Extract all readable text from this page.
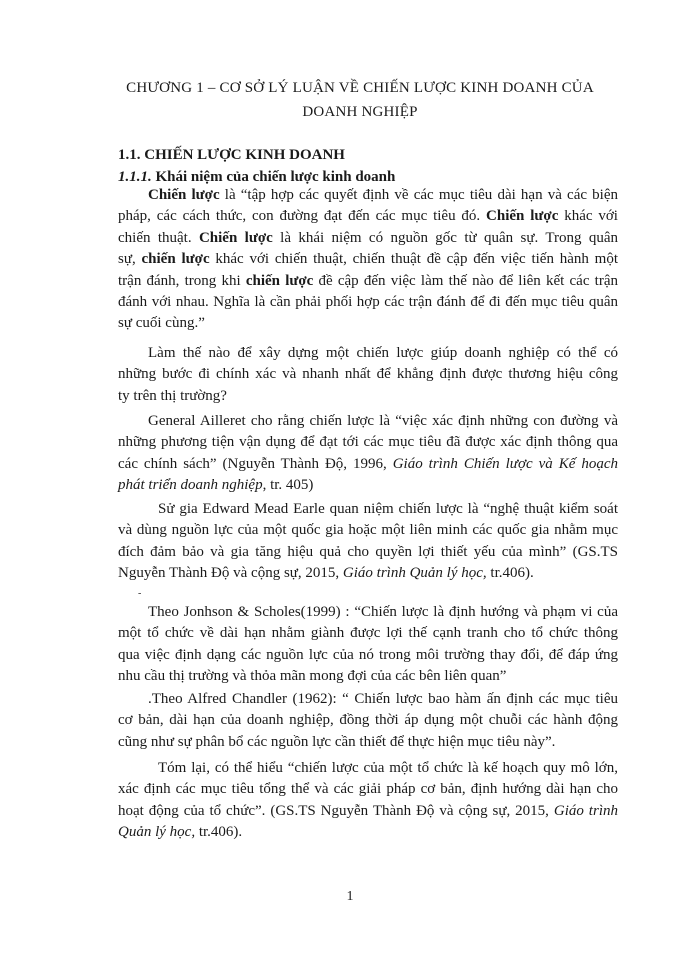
CHƯƠNG 1 – CƠ SỞ LÝ LUẬN VỀ CHIẾN LƯỢC KINH DOANH CỦA
DOANH NGHIỆP
1.1. CHIẾN LƯỢC KINH DOANH
1.1.1. Khái niệm của chiến lược kinh doanh
Chiến lược là “tập hợp các quyết định về các mục tiêu dài hạn và các biện
pháp, các cách thức, con đường đạt đến các mục tiêu đó. Chiến lược khác với
chiến thuật. Chiến lược là khái niệm có nguồn gốc từ quân sự. Trong quân
sự, chiến lược khác với chiến thuật, chiến thuật đề cập đến việc tiến hành một
trận đánh, trong khi chiến lược đề cập đến việc làm thế nào để liên kết các trận
đánh với nhau. Nghĩa là cần phải phối hợp các trận đánh để đi đến mục tiêu quân
sự cuối cùng.”
Làm thế nào để xây dựng một chiến lược giúp doanh nghiệp có thể có
những bước đi chính xác và nhanh nhất để khẳng định được thương hiệu công
ty trên thị trường?
General Ailleret cho rằng chiến lược là “việc xác định những con đường và
những phương tiện vận dụng để đạt tới các mục tiêu đã được xác định thông qua
các chính sách” (Nguyễn Thành Độ, 1996, Giáo trình Chiến lược và Kế hoạch
phát triển doanh nghiệp, tr. 405)
Sử gia Edward Mead Earle quan niệm chiến lược là “nghệ thuật kiểm soát
và dùng nguồn lực của một quốc gia hoặc một liên minh các quốc gia nhằm mục
đích đảm bảo và gia tăng hiệu quả cho quyền lợi thiết yếu của mình” (GS.TS
Nguyễn Thành Độ và cộng sự, 2015, Giáo trình Quản lý học, tr.406).
-
Theo Jonhson & Scholes(1999) : “Chiến lược là định hướng và phạm vi của
một tổ chức về dài hạn nhằm giành được lợi thế cạnh tranh cho tổ chức thông
qua việc định dạng các nguồn lực của nó trong môi trường thay đổi, để đáp ứng
nhu cầu thị trường và thỏa mãn mong đợi của các bên liên quan”
.Theo Alfred Chandler (1962): “ Chiến lược bao hàm ấn định các mục tiêu
cơ bản, dài hạn của doanh nghiệp, đồng thời áp dụng một chuỗi các hành động
cũng như sự phân bổ các nguồn lực cần thiết để thực hiện mục tiêu này”.
Tóm lại, có thể hiểu “chiến lược của một tổ chức là kế hoạch quy mô lớn,
xác định các mục tiêu tổng thể và các giải pháp cơ bản, định hướng dài hạn cho
hoạt động của tổ chức”. (GS.TS Nguyễn Thành Độ và cộng sự, 2015, Giáo trình
Quản lý học, tr.406).
1
